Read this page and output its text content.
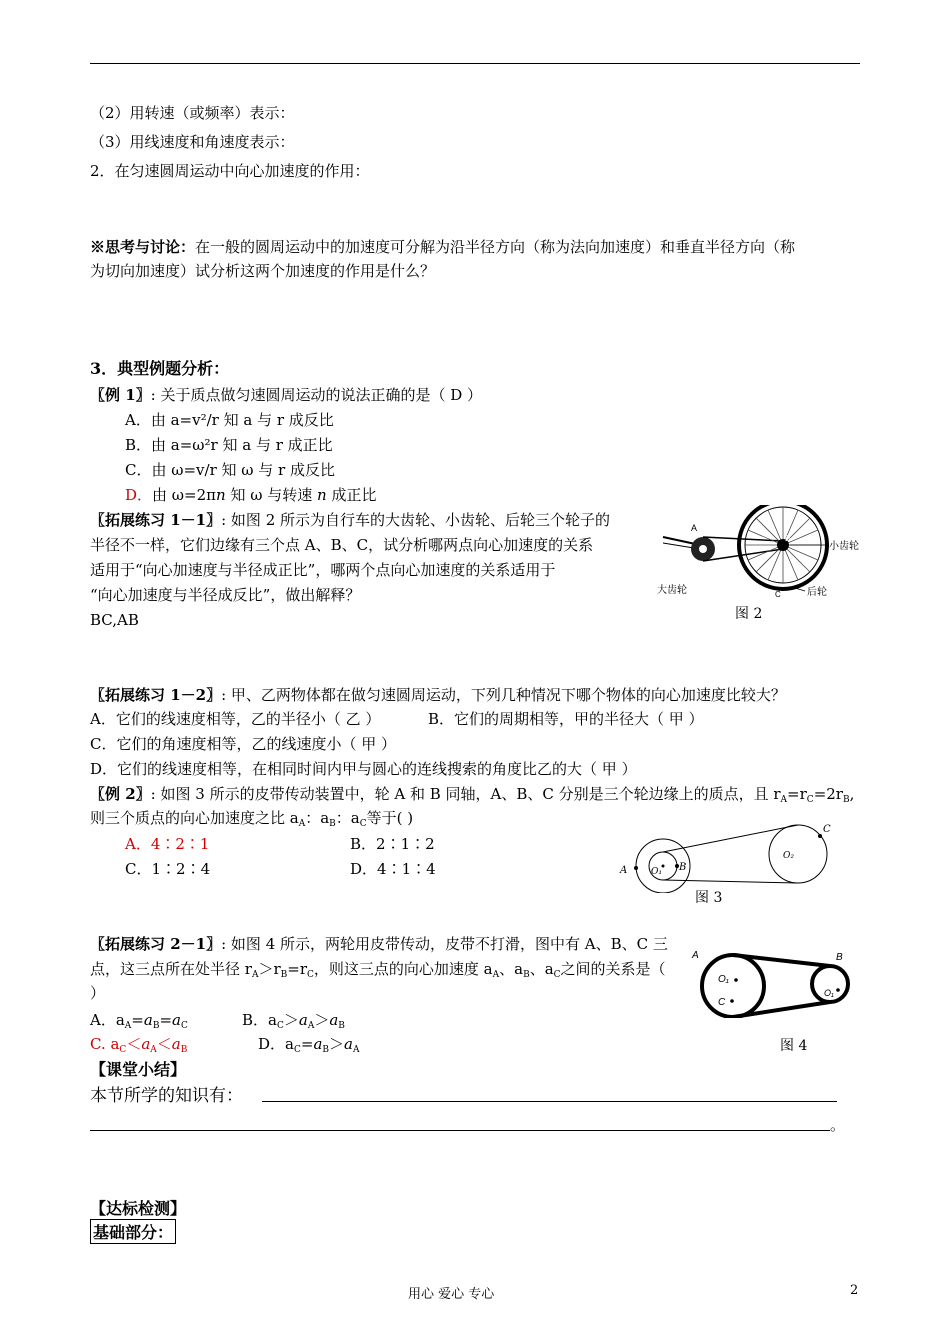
（2）用转速（或频率）表示：
（3）用线速度和角速度表示：
2．在匀速圆周运动中向心加速度的作用：
※思考与讨论：在一般的圆周运动中的加速度可分解为沿半径方向（称为法向加速度）和垂直半径方向（称
为切向加速度）试分析这两个加速度的作用是什么？
3．典型例题分析：
〖例 1〗: 关于质点做匀速圆周运动的说法正确的是（ D ）
A．由 a=v²/r 知 a 与 r 成反比
B．由 a=ω²r 知 a 与 r 成正比
C．由 ω=v/r 知 ω 与 r 成反比
D．由 ω=2πn 知 ω 与转速 n 成正比
〖拓展练习 1－1〗: 如图 2 所示为自行车的大齿轮、小齿轮、后轮三个轮子的
半径不一样，它们边缘有三个点 A、B、C，试分析哪两点向心加速度的关系
适用于“向心加速度与半径成正比”，哪两个点向心加速度的关系适用于
“向心加速度与半径成反比”，做出解释？
BC,AB
A
B
C
小齿轮
后轮
大齿轮
图 2
〖拓展练习 1－2〗: 甲、乙两物体都在做匀速圆周运动，下列几种情况下哪个物体的向心加速度比较大？
A．它们的线速度相等，乙的半径小（ 乙 ）	B．它们的周期相等，甲的半径大（ 甲 ）
C．它们的角速度相等，乙的线速度小（ 甲 ）
D．它们的线速度相等，在相同时间内甲与圆心的连线搜索的角度比乙的大（ 甲 ）
〖例 2〗: 如图 3 所示的皮带传动装置中，轮 A 和 B 同轴，A、B、C 分别是三个轮边缘上的质点，且 $r_A=r_C=2r_B$,
则三个质点的向心加速度之比 $a_A$：$a_B$：$a_C$等于( )
A．4∶2∶1	B．2∶1∶2
C．1∶2∶4	D．4∶1∶4	A	B
C
O₁
O₂
图 3
〖拓展练习 2－1〗: 如图 4 所示，两轮用皮带传动，皮带不打滑，图中有 A、B、C 三
点，这三点所在处半径 $r_A>r_B=r_C$，则这三点的向心加速度 $a_A$、$a_B$、$a_C$之间的关系是（
）
A．$a_A=a_B=a_C$	B．$a_C>a_A>a_B$
C. $a_C<a_A<a_B$	D．$a_C=a_B>a_A$
A	B
C
O₁
O₁
图 4
【课堂小结】
本节所学的知识有：
。
【达标检测】
基础部分：
用心 爱心 专心	2
